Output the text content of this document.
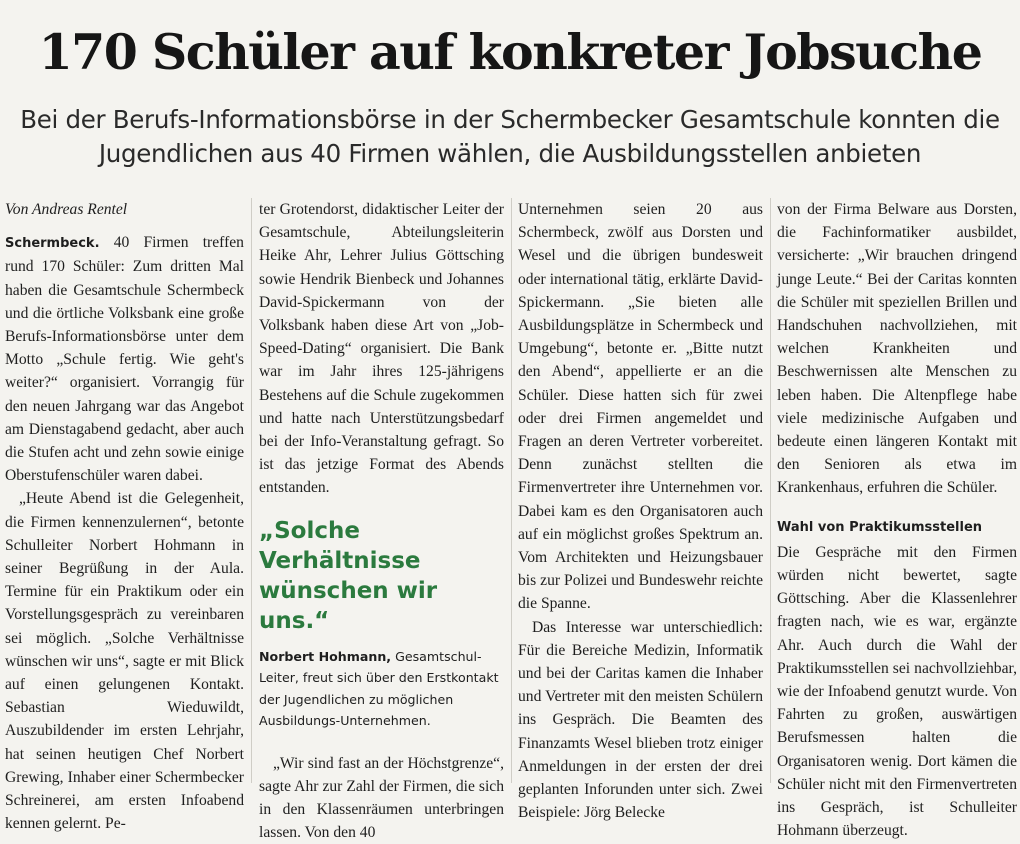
170 Schüler auf konkreter Jobsuche
Bei der Berufs-Informationsbörse in der Schermbecker Gesamtschule konnten die
Jugendlichen aus 40 Firmen wählen, die Ausbildungsstellen anbieten

Von Andreas Rentel

Schermbeck. 40 Firmen treffen rund 170 Schüler: Zum dritten Mal haben die Gesamtschule Schermbeck und die örtliche Volksbank eine große Berufs-Informationsbörse unter dem Motto „Schule fertig. Wie geht's weiter?“ organisiert. Vorrangig für den neuen Jahrgang war das Angebot am Dienstagabend gedacht, aber auch die Stufen acht und zehn sowie einige Oberstufenschüler waren dabei.

„Heute Abend ist die Gelegenheit, die Firmen kennenzulernen“, betonte Schulleiter Norbert Hohmann in seiner Begrüßung in der Aula. Termine für ein Praktikum oder ein Vorstellungsgespräch zu vereinbaren sei möglich. „Solche Verhältnisse wünschen wir uns“, sagte er mit Blick auf einen gelungenen Kontakt. Sebastian Wieduwildt, Auszubildender im ersten Lehrjahr, hat seinen heutigen Chef Norbert Grewing, Inhaber einer Schermbecker Schreinerei, am ersten Infoabend kennen gelernt. Pe-

ter Grotendorst, didaktischer Leiter der Gesamtschule, Abteilungsleiterin Heike Ahr, Lehrer Julius Göttsching sowie Hendrik Bienbeck und Johannes David-Spickermann von der Volksbank haben diese Art von „Job-Speed-Dating“ organisiert. Die Bank war im Jahr ihres 125-jährigens Bestehens auf die Schule zugekommen und hatte nach Unterstützungsbedarf bei der Info-Veranstaltung gefragt. So ist das jetzige Format des Abends entstanden.

„Solche Verhältnisse wünschen wir uns.“

Norbert Hohmann, Gesamtschul-Leiter, freut sich über den Erstkontakt der Jugendlichen zu möglichen Ausbildungs-Unternehmen.

„Wir sind fast an der Höchstgrenze“, sagte Ahr zur Zahl der Firmen, die sich in den Klassenräumen unterbringen lassen. Von den 40

Unternehmen seien 20 aus Schermbeck, zwölf aus Dorsten und Wesel und die übrigen bundesweit oder international tätig, erklärte David-Spickermann. „Sie bieten alle Ausbildungsplätze in Schermbeck und Umgebung“, betonte er. „Bitte nutzt den Abend“, appellierte er an die Schüler. Diese hatten sich für zwei oder drei Firmen angemeldet und Fragen an deren Vertreter vorbereitet. Denn zunächst stellten die Firmenvertreter ihre Unternehmen vor. Dabei kam es den Organisatoren auch auf ein möglichst großes Spektrum an. Vom Architekten und Heizungsbauer bis zur Polizei und Bundeswehr reichte die Spanne.

Das Interesse war unterschiedlich: Für die Bereiche Medizin, Informatik und bei der Caritas kamen die Inhaber und Vertreter mit den meisten Schülern ins Gespräch. Die Beamten des Finanzamts Wesel blieben trotz einiger Anmeldungen in der ersten der drei geplanten Inforunden unter sich. Zwei Beispiele: Jörg Belecke

von der Firma Belware aus Dorsten, die Fachinformatiker ausbildet, versicherte: „Wir brauchen dringend junge Leute.“ Bei der Caritas konnten die Schüler mit speziellen Brillen und Handschuhen nachvollziehen, mit welchen Krankheiten und Beschwernissen alte Menschen zu leben haben. Die Altenpflege habe viele medizinische Aufgaben und bedeute einen längeren Kontakt mit den Senioren als etwa im Krankenhaus, erfuhren die Schüler.

Wahl von Praktikumsstellen

Die Gespräche mit den Firmen würden nicht bewertet, sagte Göttsching. Aber die Klassenlehrer fragten nach, wie es war, ergänzte Ahr. Auch durch die Wahl der Praktikumsstellen sei nachvollziehbar, wie der Infoabend genutzt wurde. Von Fahrten zu großen, auswärtigen Berufsmessen halten die Organisatoren wenig. Dort kämen die Schüler nicht mit den Firmenvertreten ins Gespräch, ist Schulleiter Hohmann überzeugt.
